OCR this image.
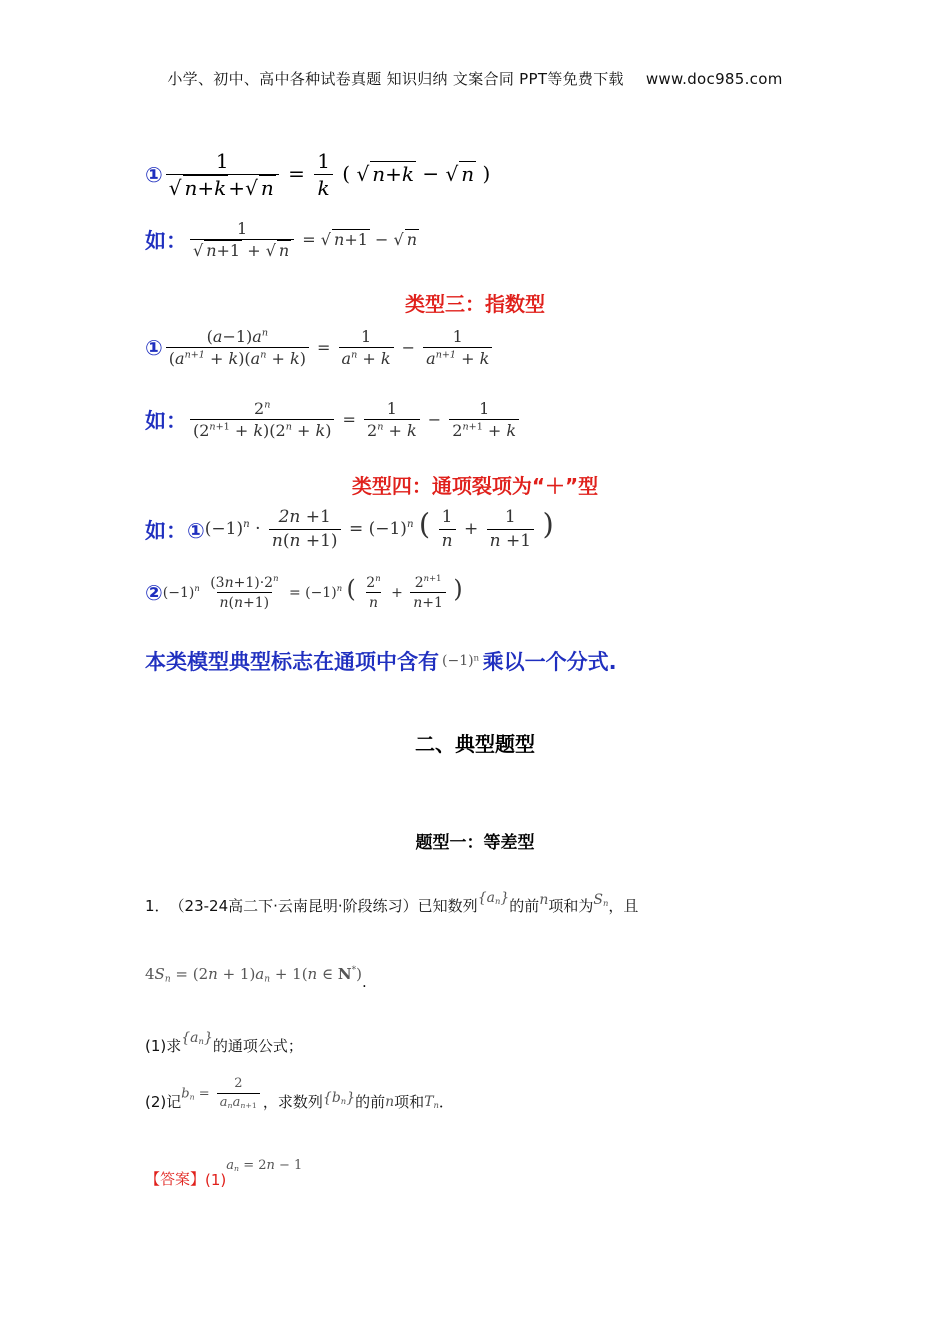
小学、初中、高中各种试卷真题 知识归纳 文案合同 PPT等免费下载 www.doc985.com
① $\frac{1}{√ n+k +√ n} = \frac{1}{k}$ ( √ n+k − √ n )
如： $\frac{1}{√ n+1 + √ n}$ = √ n+1 − √ n
类型三：指数型
① $\frac{(a-1)a^n}{(a^{n+1} + k)(a^n + k)} = \frac{1}{a^n + k} - \frac{1}{a^{n+1} + k}$
如： $\frac{2^n}{(2^{n+1} + k)(2^n + k)} = \frac{1}{2^n + k} - \frac{1}{2^{n+1} + k}$
类型四：通项裂项为“＋”型
如：① $(-1)^n \cdot \frac{2n +1}{n(n +1)} = (-1)^n$ ( $\frac{1}{n} + \frac{1}{n +1}$ )
② $(-1)^n \frac{(3n+1)\cdot 2^n}{n(n+1)} = (-1)^n$ ( $\frac{2^n}{n} + \frac{2^{n+1}}{n+1}$ )
本类模型典型标志在通项中含有 (−1)ⁿ 乘以一个分式.
二、典型题型
题型一：等差型
1． （23-24高二下·云南昆明·阶段练习） 已知数列 $\{a_n\}$ 的前 n 项和为 $S_n$ ，且
$4S_n = (2n + 1)a_n + 1(n$ ∈ N*) .
(1)求 $\{a_n\}$ 的通项公式；
(2)记 $b_n = \frac{2}{a_na_{n+1}}$ ，求数列 $\{b_n\}$ 的前 n 项和 $T_n$ ．
【答案】 (1)
$a_n = 2n - 1$
